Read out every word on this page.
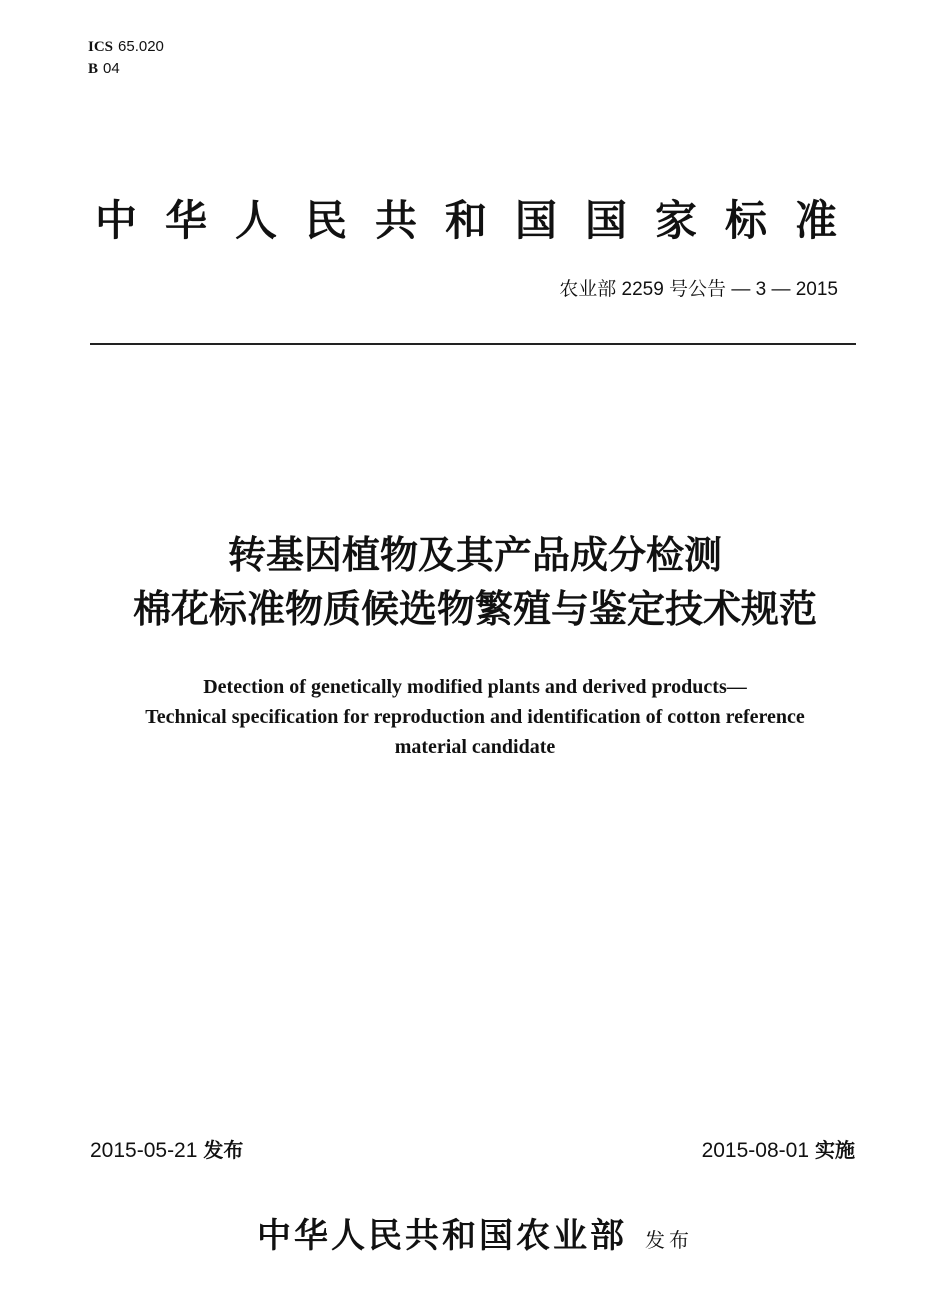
ICS 65.020
B 04
中华人民共和国国家标准
农业部 2259 号公告 — 3 — 2015
转基因植物及其产品成分检测
棉花标准物质候选物繁殖与鉴定技术规范
Detection of genetically modified plants and derived products—
Technical specification for reproduction and identification of cotton reference
material candidate
2015-05-21 发布	2015-08-01 实施
中华人民共和国农业部 发布
